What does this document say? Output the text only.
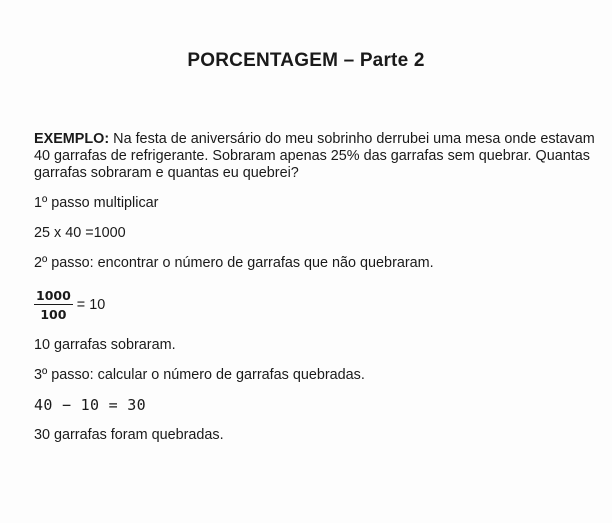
PORCENTAGEM – Parte 2

EXEMPLO: Na festa de aniversário do meu sobrinho derrubei uma mesa onde estavam 40 garrafas de refrigerante. Sobraram apenas 25% das garrafas sem quebrar. Quantas garrafas sobraram e quantas eu quebrei?

1º passo multiplicar
25 x 40 =1000
2º passo: encontrar o número de garrafas que não quebraram.
$\frac{1000}{100} = 10$
10 garrafas sobraram.
3º passo: calcular o número de garrafas quebradas.
40 − 10 = 30
30 garrafas foram quebradas.
